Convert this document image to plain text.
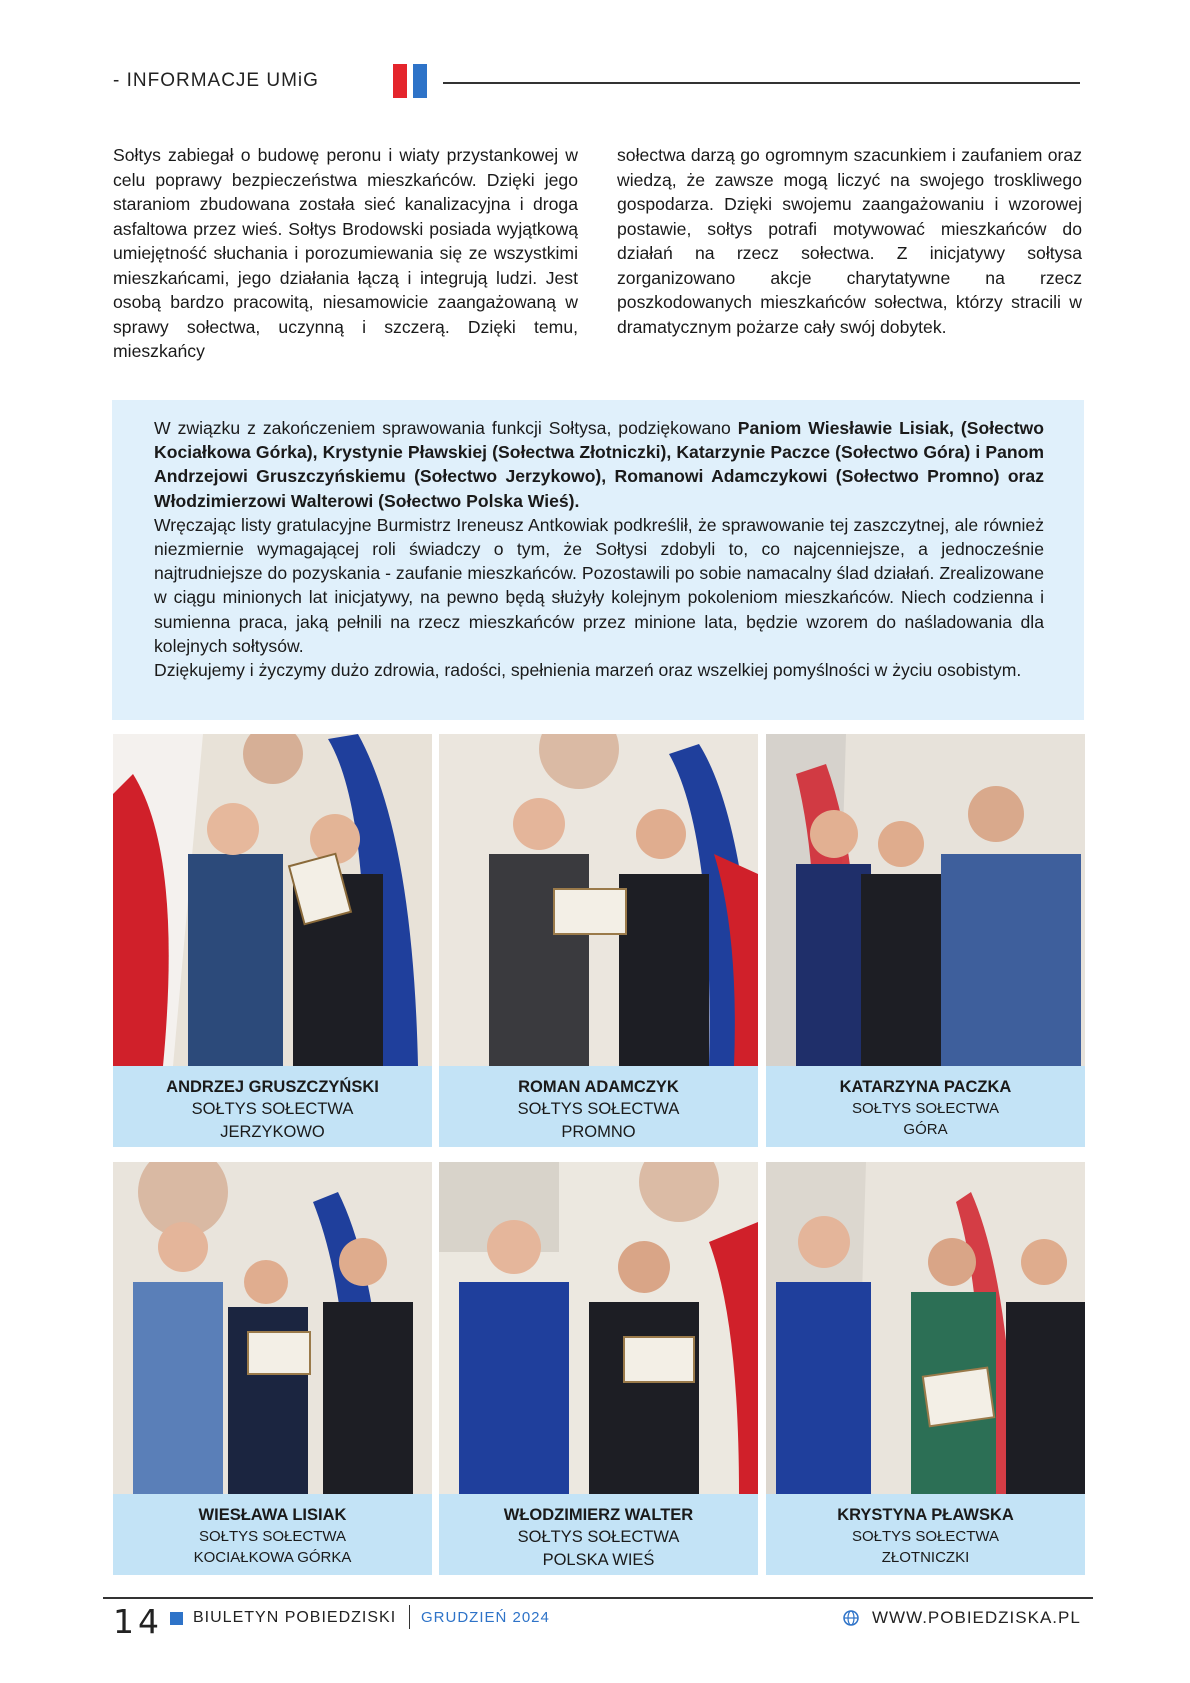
- INFORMACJE UMiG
Sołtys zabiegał o budowę peronu i wiaty przystankowej w celu poprawy bezpieczeństwa mieszkańców. Dzięki jego staraniom zbudowana została sieć kanalizacyjna i droga asfaltowa przez wieś. Sołtys Brodowski posiada wyjątkową umiejętność słuchania i porozumiewania się ze wszystkimi mieszkańcami, jego działania łączą i integrują ludzi. Jest osobą bardzo pracowitą, niesamowicie zaangażowaną w sprawy sołectwa, uczynną i szczerą. Dzięki temu, mieszkańcy
sołectwa darzą go ogromnym szacunkiem i zaufaniem oraz wiedzą, że zawsze mogą liczyć na swojego troskliwego gospodarza. Dzięki swojemu zaangażowaniu i wzorowej postawie, sołtys potrafi motywować mieszkańców do działań na rzecz sołectwa. Z inicjatywy sołtysa zorganizowano akcje charytatywne na rzecz poszkodowanych mieszkańców sołectwa, którzy stracili w dramatycznym pożarze cały swój dobytek.

W związku z zakończeniem sprawowania funkcji Sołtysa, podziękowano Paniom Wiesławie Lisiak, (Sołectwo Kociałkowa Górka), Krystynie Pławskiej (Sołectwa Złotniczki), Katarzynie Paczce (Sołectwo Góra) i Panom Andrzejowi Gruszczyńskiemu (Sołectwo Jerzykowo), Romanowi Adamczykowi (Sołectwo Promno) oraz Włodzimierzowi Walterowi (Sołectwo Polska Wieś).

Wręczając listy gratulacyjne Burmistrz Ireneusz Antkowiak podkreślił, że sprawowanie tej zaszczytnej, ale również niezmiernie wymagającej roli świadczy o tym, że Sołtysi zdobyli to, co najcenniejsze, a jednocześnie najtrudniejsze do pozyskania - zaufanie mieszkańców. Pozostawili po sobie namacalny ślad działań. Zrealizowane w ciągu minionych lat inicjatywy, na pewno będą służyły kolejnym pokoleniom mieszkańców. Niech codzienna i sumienna praca, jaką pełnili na rzecz mieszkańców przez minione lata, będzie wzorem do naśladowania dla kolejnych sołtysów.

Dziękujemy i życzymy dużo zdrowia, radości, spełnienia marzeń oraz wszelkiej pomyślności w życiu osobistym.

ANDRZEJ GRUSZCZYŃSKI
SOŁTYS SOŁECTWA
JERZYKOWO
ROMAN ADAMCZYK
SOŁTYS SOŁECTWA
PROMNO
KATARZYNA PACZKA
SOŁTYS SOŁECTWA
GÓRA
WIESŁAWA LISIAK
SOŁTYS SOŁECTWA
KOCIAŁKOWA GÓRKA
WŁODZIMIERZ WALTER
SOŁTYS SOŁECTWA
POLSKA WIEŚ
KRYSTYNA PŁAWSKA
SOŁTYS SOŁECTWA
ZŁOTNICZKI
14 BIULETYN POBIEDZISKI GRUDZIEŃ 2024	WWW.POBIEDZISKA.PL
